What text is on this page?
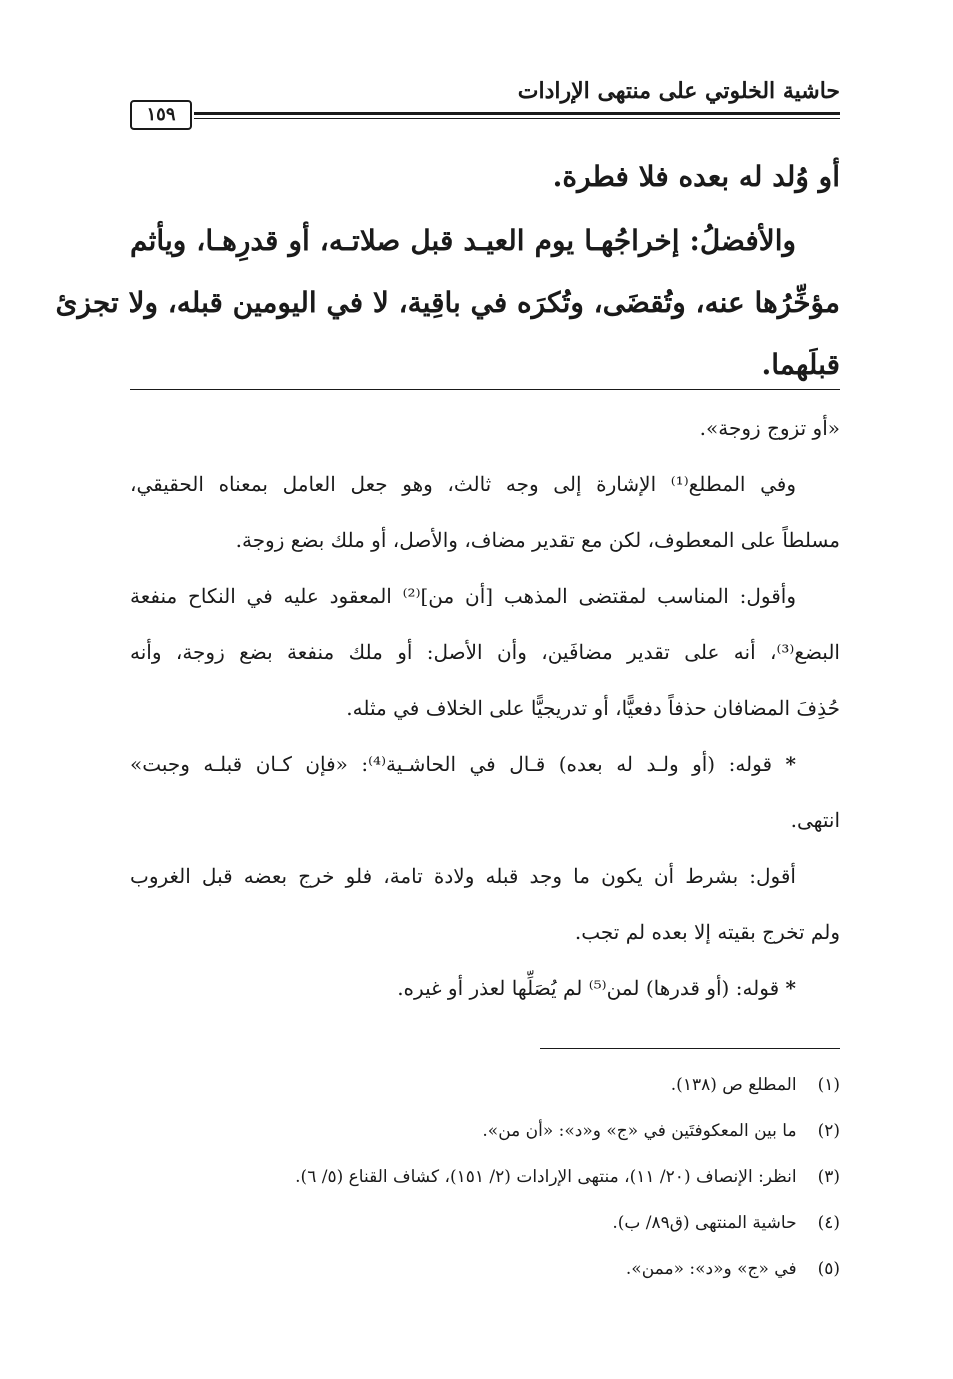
حاشية الخلوتي على منتهى الإرادات
١٥٩
أو وُلد له بعده فلا فطرة.
والأفضلُ: إخراجُهـا يوم العيـد قبل صلاتـه، أو قدرِهـا، ويأثم
مؤخِّرُها عنه، وتُقضَى، وتُكرَه في باقِية، لا في اليومين قبله، ولا تجزئ
قبلَهما.
«أو تزوج زوجة».
وفي المطلع⁽¹⁾ الإشارة إلى وجه ثالث، وهو جعل العامل بمعناه الحقيقي،
مسلطاً على المعطوف، لكن مع تقدير مضاف، والأصل، أو ملك بضع زوجة.
وأقول: المناسب لمقتضى المذهب [أن من]⁽²⁾ المعقود عليه في النكاح منفعة
البضع⁽³⁾، أنه على تقدير مضافَين، وأن الأصل: أو ملك منفعة بضع زوجة، وأنه
حُذِفَ المضافان حذفاً دفعيًّا، أو تدريجيًّا على الخلاف في مثله.
* قوله: (أو ولـد له بعده) قـال في الحاشـية⁽⁴⁾: «فإن كـان قبلـه وجبت»
انتهى.
أقول: بشرط أن يكون ما وجد قبله ولادة تامة، فلو خرج بعضه قبل الغروب
ولم تخرج بقيته إلا بعده لم تجب.
* قوله: (أو قدرها) لمن⁽⁵⁾ لم يُصَلِّها لعذر أو غيره.
(١) المطلع ص (١٣٨).
(٢) ما بين المعكوفتَين في «ج» و«د»: «أن من».
(٣) انظر: الإنصاف (٢٠/ ١١)، منتهى الإرادات (٢/ ١٥١)، كشاف القناع (٥/ ٦).
(٤) حاشية المنتهى (ق٨٩/ ب).
(٥) في «ج» و«د»: «ممن».
